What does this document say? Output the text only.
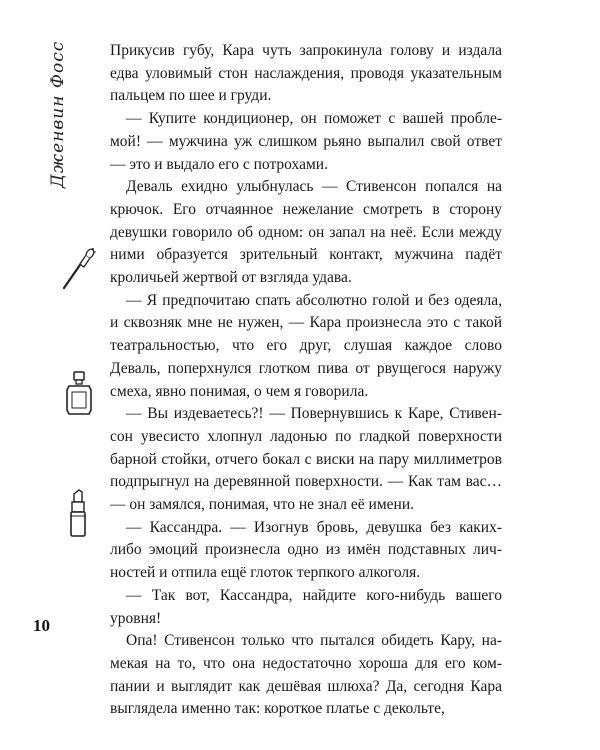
Дженвин Фосс
10

Прикусив губу, Кара чуть запрокинула голову и издала едва уловимый стон наслаждения, проводя указательным пальцем по шее и груди.

— Купите кондиционер, он поможет с вашей проблемой! — мужчина уж слишком рьяно выпалил свой ответ — это и выдало его с потрохами.

Деваль ехидно улыбнулась — Стивенсон попался на крючок. Его отчаянное нежелание смотреть в сторону девушки говорило об одном: он запал на неё. Если между ними образуется зрительный контакт, мужчина падёт кроличьей жертвой от взгляда удава.

— Я предпочитаю спать абсолютно голой и без одеяла, и сквозняк мне не нужен, — Кара произнесла это с такой театральностью, что его друг, слушая каждое слово Деваль, поперхнулся глотком пива от рвущегося наружу смеха, явно понимая, о чем я говорила.

— Вы издеваетесь?! — Повернувшись к Каре, Стивенсон увесисто хлопнул ладонью по гладкой поверхности барной стойки, отчего бокал с виски на пару миллиметров подпрыгнул на деревянной поверхности. — Как там вас… — он замялся, понимая, что не знал её имени.

— Кассандра. — Изогнув бровь, девушка без каких-либо эмоций произнесла одно из имён подставных личностей и отпила ещё глоток терпкого алкоголя.

— Так вот, Кассандра, найдите кого-нибудь вашего уровня!

Опа! Стивенсон только что пытался обидеть Кару, намекая на то, что она недостаточно хороша для его компании и выглядит как дешёвая шлюха? Да, сегодня Кара выглядела именно так: короткое платье с декольте,
